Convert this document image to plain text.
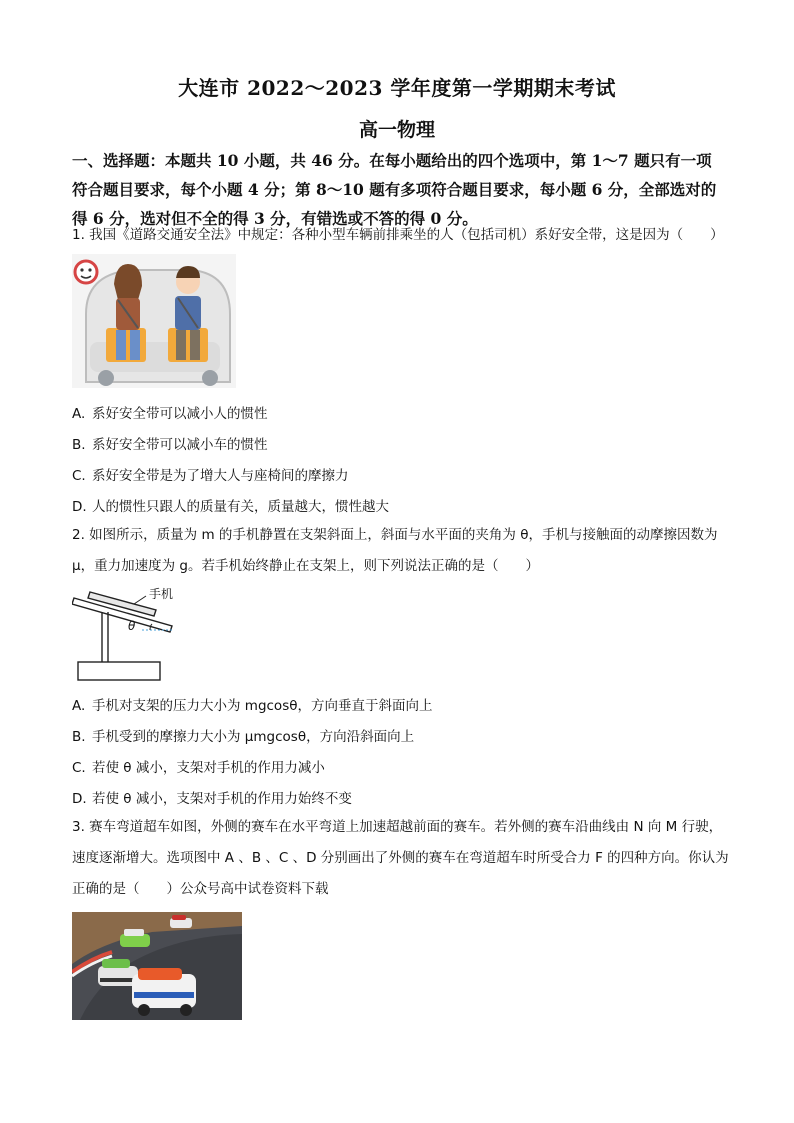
大连市 2022～2023 学年度第一学期期末考试
高一物理
一、选择题：本题共 10 小题，共 46 分。在每小题给出的四个选项中，第 1～7 题只有一项符合题目要求，每个小题 4 分；第 8～10 题有多项符合题目要求，每小题 6 分，全部选对的得 6 分，选对但不全的得 3 分，有错选或不答的得 0 分。
1. 我国《道路交通安全法》中规定：各种小型车辆前排乘坐的人（包括司机）系好安全带，这是因为（　　）
A. 系好安全带可以减小人的惯性
B. 系好安全带可以减小车的惯性
C. 系好安全带是为了增大人与座椅间的摩擦力
D. 人的惯性只跟人的质量有关，质量越大，惯性越大
2. 如图所示，质量为 m 的手机静置在支架斜面上，斜面与水平面的夹角为 θ，手机与接触面的动摩擦因数为 μ，重力加速度为 g。若手机始终静止在支架上，则下列说法正确的是（　　）
手机
θ
A. 手机对支架的压力大小为 mgcosθ，方向垂直于斜面向上
B. 手机受到的摩擦力大小为 μmgcosθ，方向沿斜面向上
C. 若使 θ 减小，支架对手机的作用力减小
D. 若使 θ 减小，支架对手机的作用力始终不变
3. 赛车弯道超车如图，外侧的赛车在水平弯道上加速超越前面的赛车。若外侧的赛车沿曲线由 N 向 M 行驶，速度逐渐增大。选项图中 A 、B 、C 、D 分别画出了外侧的赛车在弯道超车时所受合力 F 的四种方向。你认为正确的是（　　）公众号高中试卷资料下载
